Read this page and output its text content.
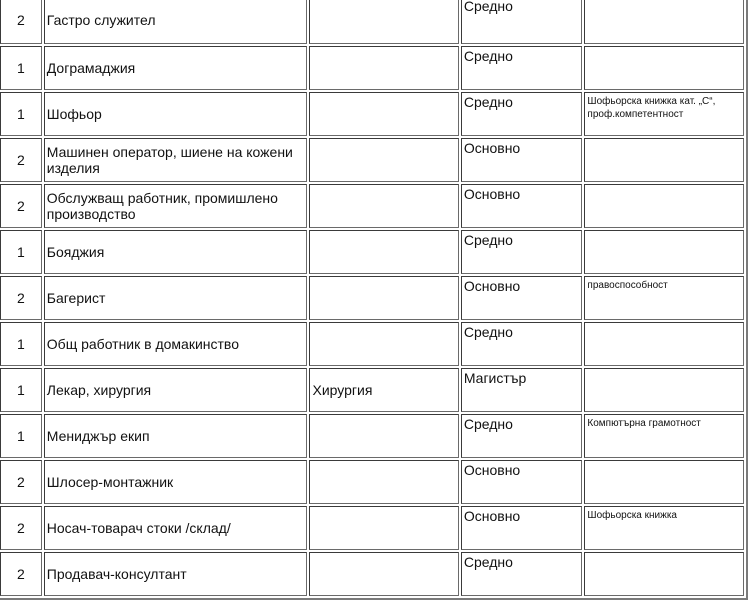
2	Гастро служител		Средно	
1	Дограмаджия		Средно	
1	Шофьор		Средно	Шофьорска книжка кат. „С“, проф.компетентност
2	Машинен оператор, шиене на кожени изделия		Основно	
2	Обслужващ работник, промишлено производство		Основно	
1	Бояджия		Средно	
2	Багерист		Основно	правоспособност
1	Общ работник в домакинство		Средно	
1	Лекар, хирургия	Хирургия	Магистър	
1	Мениджър екип		Средно	Компютърна грамотност
2	Шлосер-монтажник		Основно	
2	Носач-товарач стоки /склад/		Основно	Шофьорска книжка
2	Продавач-консултант		Средно	
